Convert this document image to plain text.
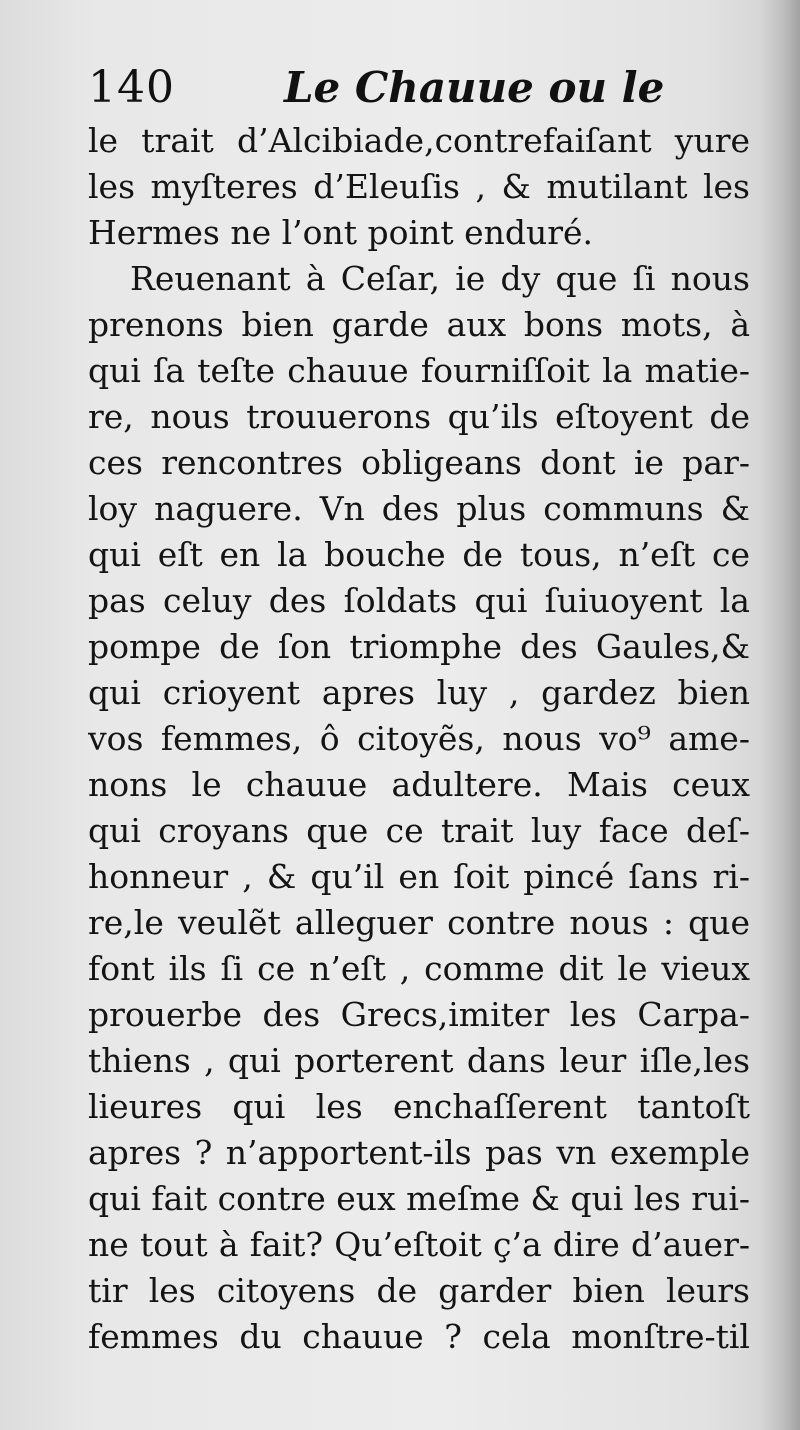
140	Le Chauue ou le
le trait d’Alcibiade,contrefaiſant yure
les myſteres d’Eleuſis , & mutilant les
Hermes ne l’ont point enduré.
Reuenant à Ceſar, ie dy que ſi nous
prenons bien garde aux bons mots, à
qui ſa teſte chauue fourniſſoit la matie-
re, nous trouuerons qu’ils eſtoyent de
ces rencontres obligeans dont ie par-
loy naguere. Vn des plus communs &
qui eſt en la bouche de tous, n’eſt ce
pas celuy des ſoldats qui ſuiuoyent la
pompe de ſon triomphe des Gaules,&
qui crioyent apres luy , gardez bien
vos femmes, ô citoyẽs, nous vo⁹ ame-
nons le chauue adultere. Mais ceux
qui croyans que ce trait luy face deſ-
honneur , & qu’il en ſoit pincé ſans ri-
re,le veulẽt alleguer contre nous : que
font ils ſi ce n’eſt , comme dit le vieux
prouerbe des Grecs,imiter les Carpa-
thiens , qui porterent dans leur iſle,les
lieures qui les enchaſſerent tantoſt
apres ? n’apportent-ils pas vn exemple
qui fait contre eux meſme & qui les rui-
ne tout à fait? Qu’eſtoit ç’a dire d’auer-
tir les citoyens de garder bien leurs
femmes du chauue ? cela monſtre-til
